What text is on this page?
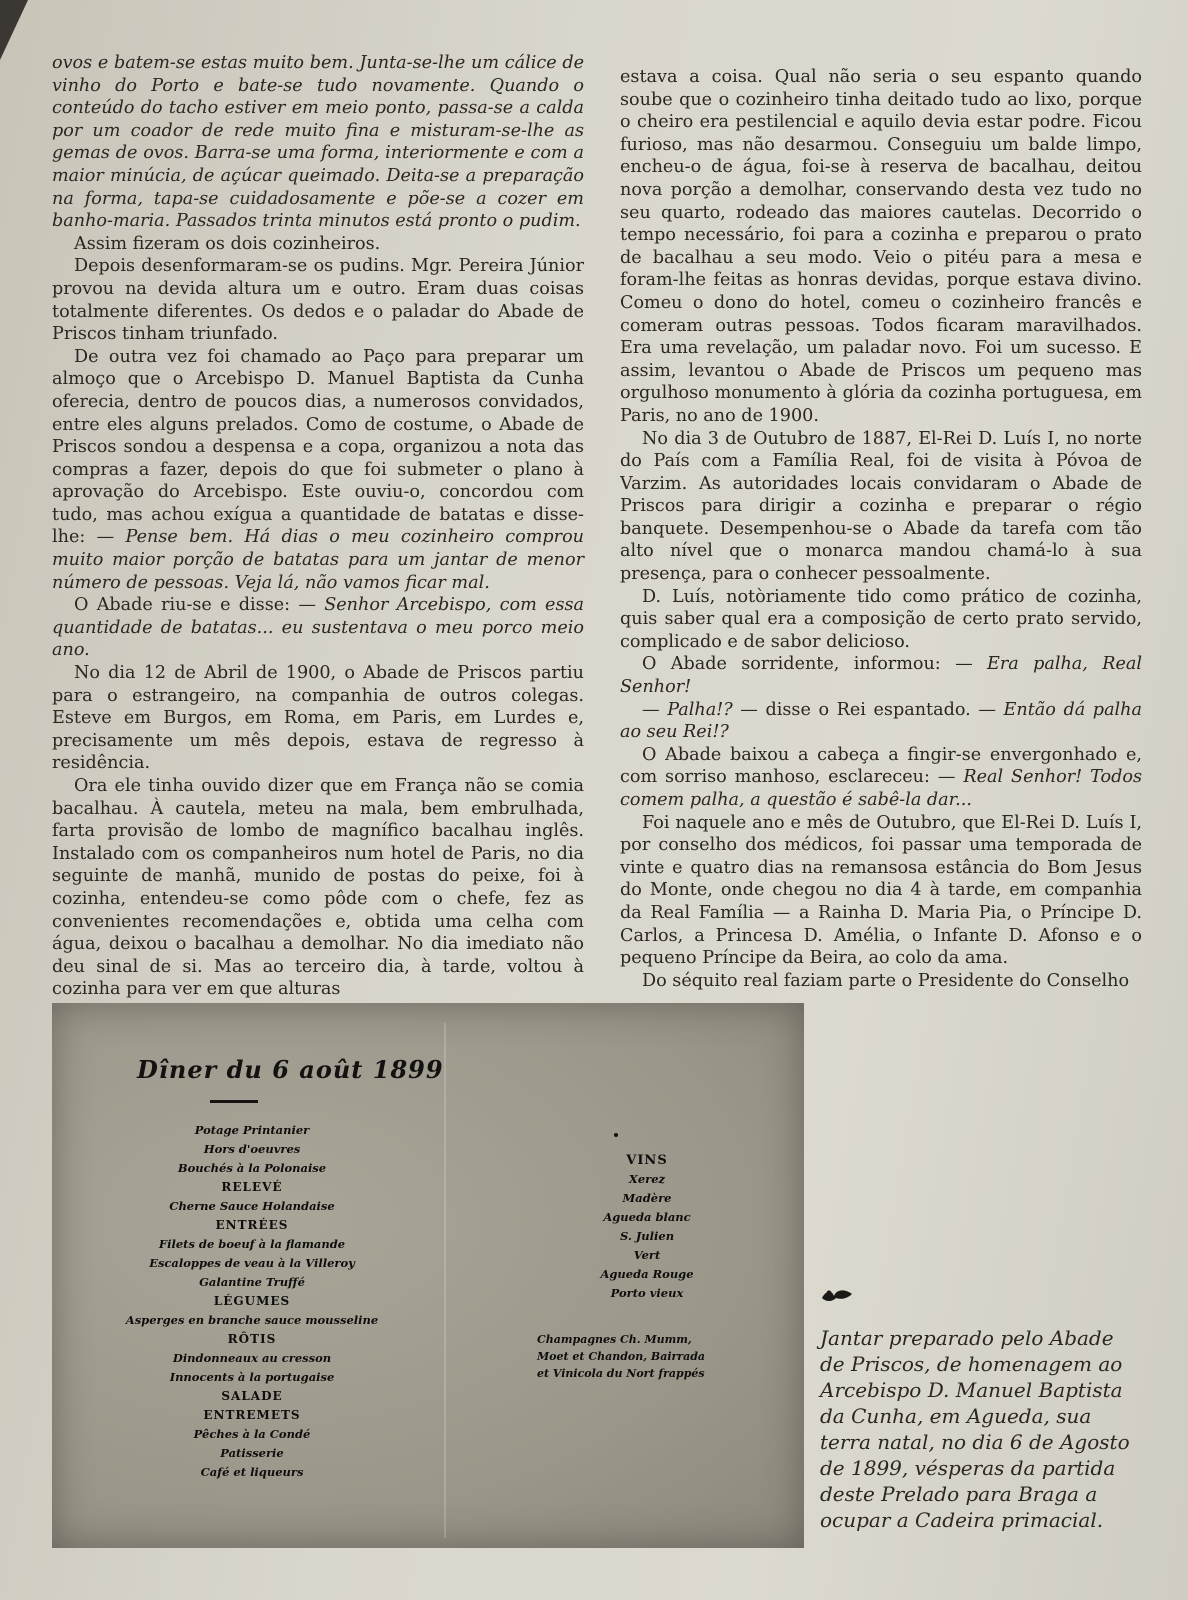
ovos e batem-se estas muito bem. Junta-se-lhe um cálice de vinho do Porto e bate-se tudo novamente. Quando o conteúdo do tacho estiver em meio ponto, passa-se a calda por um coador de rede muito fina e misturam-se-lhe as gemas de ovos. Barra-se uma forma, interiormente e com a maior minúcia, de açúcar queimado. Deita-se a preparação na forma, tapa-se cuidadosamente e põe-se a cozer em banho-maria. Passados trinta minutos está pronto o pudim.

Assim fizeram os dois cozinheiros.

Depois desenformaram-se os pudins. Mgr. Pereira Júnior provou na devida altura um e outro. Eram duas coisas totalmente diferentes. Os dedos e o paladar do Abade de Priscos tinham triunfado.

De outra vez foi chamado ao Paço para preparar um almoço que o Arcebispo D. Manuel Baptista da Cunha oferecia, dentro de poucos dias, a numerosos convidados, entre eles alguns prelados. Como de costume, o Abade de Priscos sondou a despensa e a copa, organizou a nota das compras a fazer, depois do que foi submeter o plano à aprovação do Arcebispo. Este ouviu-o, concordou com tudo, mas achou exígua a quantidade de batatas e disse-lhe: — Pense bem. Há dias o meu cozinheiro comprou muito maior porção de batatas para um jantar de menor número de pessoas. Veja lá, não vamos ficar mal.

O Abade riu-se e disse: — Senhor Arcebispo, com essa quantidade de batatas... eu sustentava o meu porco meio ano.

No dia 12 de Abril de 1900, o Abade de Priscos partiu para o estrangeiro, na companhia de outros colegas. Esteve em Burgos, em Roma, em Paris, em Lurdes e, precisamente um mês depois, estava de regresso à residência.

Ora ele tinha ouvido dizer que em França não se comia bacalhau. À cautela, meteu na mala, bem embrulhada, farta provisão de lombo de magnífico bacalhau inglês. Instalado com os companheiros num hotel de Paris, no dia seguinte de manhã, munido de postas do peixe, foi à cozinha, entendeu-se como pôde com o chefe, fez as convenientes recomendações e, obtida uma celha com água, deixou o bacalhau a demolhar. No dia imediato não deu sinal de si. Mas ao terceiro dia, à tarde, voltou à cozinha para ver em que alturas

estava a coisa. Qual não seria o seu espanto quando soube que o cozinheiro tinha deitado tudo ao lixo, porque o cheiro era pestilencial e aquilo devia estar podre. Ficou furioso, mas não desarmou. Conseguiu um balde limpo, encheu-o de água, foi-se à reserva de bacalhau, deitou nova porção a demolhar, conservando desta vez tudo no seu quarto, rodeado das maiores cautelas. Decorrido o tempo necessário, foi para a cozinha e preparou o prato de bacalhau a seu modo. Veio o pitéu para a mesa e foram-lhe feitas as honras devidas, porque estava divino. Comeu o dono do hotel, comeu o cozinheiro francês e comeram outras pessoas. Todos ficaram maravilhados. Era uma revelação, um paladar novo. Foi um sucesso. E assim, levantou o Abade de Priscos um pequeno mas orgulhoso monumento à glória da cozinha portuguesa, em Paris, no ano de 1900.

No dia 3 de Outubro de 1887, El-Rei D. Luís I, no norte do País com a Família Real, foi de visita à Póvoa de Varzim. As autoridades locais convidaram o Abade de Priscos para dirigir a cozinha e preparar o régio banquete. Desempenhou-se o Abade da tarefa com tão alto nível que o monarca mandou chamá-lo à sua presença, para o conhecer pessoalmente.

D. Luís, notòriamente tido como prático de cozinha, quis saber qual era a composição de certo prato servido, complicado e de sabor delicioso.

O Abade sorridente, informou: — Era palha, Real Senhor!

— Palha!? — disse o Rei espantado. — Então dá palha ao seu Rei!?

O Abade baixou a cabeça a fingir-se envergonhado e, com sorriso manhoso, esclareceu: — Real Senhor! Todos comem palha, a questão é sabê-la dar...

Foi naquele ano e mês de Outubro, que El-Rei D. Luís I, por conselho dos médicos, foi passar uma temporada de vinte e quatro dias na remansosa estância do Bom Jesus do Monte, onde chegou no dia 4 à tarde, em companhia da Real Família — a Rainha D. Maria Pia, o Príncipe D. Carlos, a Princesa D. Amélia, o Infante D. Afonso e o pequeno Príncipe da Beira, ao colo da ama.

Do séquito real faziam parte o Presidente do Conselho

Dîner du 6 août 1899
Potage Printanier
Hors d'oeuvres
Bouchés à la Polonaise
RELEVÉ
Cherne Sauce Holandaise
ENTRÉES
Filets de boeuf à la flamande
Escaloppes de veau à la Villeroy
Galantine Truffé
LÉGUMES
Asperges en branche sauce mousseline
RÔTIS
Dindonneaux au cresson
Innocents à la portugaise
SALADE
ENTREMETS
Pêches à la Condé
Patisserie
Café et liqueurs
VINS
Xerez
Madère
Agueda blanc
S. Julien
Vert
Agueda Rouge
Porto vieux
Champagnes Ch. Mumm,
Moet et Chandon, Bairrada
et Vinicola du Nort frappés
Jantar preparado pelo Abade de Priscos, de homenagem ao Arcebispo D. Manuel Baptista da Cunha, em Agueda, sua terra natal, no dia 6 de Agosto de 1899, vésperas da partida deste Prelado para Braga a ocupar a Cadeira primacial.
